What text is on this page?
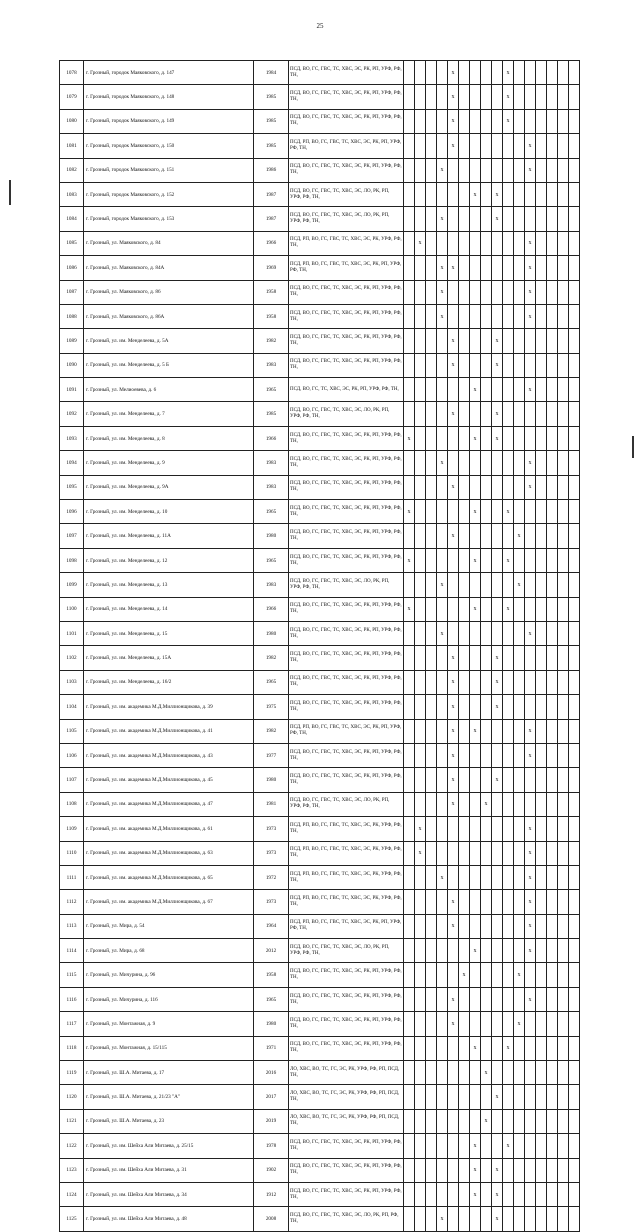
25
1078	г. Грозный, городок Маяковского, д. 147	1984	ПСД, ВО, ГС, ГВС, ТС, ХВС, ЭС, РК, РП, УРФ, РФ, ТН,					x					x						
1079	г. Грозный, городок Маяковского, д. 148	1985	ПСД, ВО, ГС, ГВС, ТС, ХВС, ЭС, РК, РП, УРФ, РФ, ТН,					x					x						
1080	г. Грозный, городок Маяковского, д. 149	1985	ПСД, ВО, ГС, ГВС, ТС, ХВС, ЭС, РК, РП, УРФ, РФ, ТН,					x					x						
1081	г. Грозный, городок Маяковского, д. 150	1985	ПСД, РП, ВО, ГС, ГВС, ТС, ХВС, ЭС, РК, РП, УРФ, РФ, ТН,					x							x				
1082	г. Грозный, городок Маяковского, д. 151	1986	ПСД, ВО, ГС, ГВС, ТС, ХВС, ЭС, РК, РП, УРФ, РФ, ТН,				x								x				
1083	г. Грозный, городок Маяковского, д. 152	1987	ПСД, ВО, ГС, ГВС, ТС, ХВС, ЭС, ЛО, РК, РП, УРФ, РФ, ТН,							x		x							
1084	г. Грозный, городок Маяковского, д. 153	1987	ПСД, ВО, ГС, ГВС, ТС, ХВС, ЭС, ЛО, РК, РП, УРФ, РФ, ТН,				x					x							
1085	г. Грозный, ул. Маяковского, д. 84	1966	ПСД, РП, ВО, ГС, ГВС, ТС, ХВС, ЭС, РК, УРФ, РФ, ТН,		x										x				
1086	г. Грозный, ул. Маяковского, д. 84А	1969	ПСД, РП, ВО, ГС, ГВС, ТС, ХВС, ЭС, РК, РП, УРФ, РФ, ТН,				x	x							x				
1087	г. Грозный, ул. Маяковского, д. 86	1958	ПСД, ВО, ГС, ГВС, ТС, ХВС, ЭС, РК, РП, УРФ, РФ, ТН,				x								x				
1088	г. Грозный, ул. Маяковского, д. 86А	1958	ПСД, ВО, ГС, ГВС, ТС, ХВС, ЭС, РК, РП, УРФ, РФ, ТН,				x								x				
1089	г. Грозный, ул. им. Менделеева, д. 5А	1982	ПСД, ВО, ГС, ГВС, ТС, ХВС, ЭС, РК, РП, УРФ, РФ, ТН,					x				x							
1090	г. Грозный, ул. им. Менделеева, д. 5 Б	1983	ПСД, ВО, ГС, ГВС, ТС, ХВС, ЭС, РК, РП, УРФ, РФ, ТН,					x				x							
1091	г. Грозный, ул. Мелиоевева, д. 6	1965	ПСД, ВО, ГС, ТС, ХВС, ЭС, РК, РП, УРФ, РФ, ТН,							x					x				
1092	г. Грозный, ул. им. Менделеева, д. 7	1985	ПСД, ВО, ГС, ГВС, ТС, ХВС, ЭС, ЛО, РК, РП, УРФ, РФ, ТН,					x				x							
1093	г. Грозный, ул. им. Менделеева, д. 8	1966	ПСД, ВО, ГС, ГВС, ТС, ХВС, ЭС, РК, РП, УРФ, РФ, ТН,	x						x		x							
1094	г. Грозный, ул. им. Менделеева, д. 9	1983	ПСД, ВО, ГС, ГВС, ТС, ХВС, ЭС, РК, РП, УРФ, РФ, ТН,				x								x				
1095	г. Грозный, ул. им. Менделеева, д. 9А	1983	ПСД, ВО, ГС, ГВС, ТС, ХВС, ЭС, РК, РП, УРФ, РФ, ТН,					x							x				
1096	г. Грозный, ул. им. Менделеева, д. 10	1965	ПСД, ВО, ГС, ГВС, ТС, ХВС, ЭС, РК, РП, УРФ, РФ, ТН,	x						x			x						
1097	г. Грозный, ул. им. Менделеева, д. 11А	1980	ПСД, ВО, ГС, ГВС, ТС, ХВС, ЭС, РК, РП, УРФ, РФ, ТН,					x						x					
1098	г. Грозный, ул. им. Менделеева, д. 12	1965	ПСД, ВО, ГС, ГВС, ТС, ХВС, ЭС, РК, РП, УРФ, РФ, ТН,	x						x			x						
1099	г. Грозный, ул. им. Менделеева, д. 13	1983	ПСД, ВО, ГС, ГВС, ТС, ХВС, ЭС, ЛО, РК, РП, УРФ, РФ, ТН,				x							x					
1100	г. Грозный, ул. им. Менделеева, д. 14	1966	ПСД, ВО, ГС, ГВС, ТС, ХВС, ЭС, РК, РП, УРФ, РФ, ТН,	x						x			x						
1101	г. Грозный, ул. им. Менделеева, д. 15	1980	ПСД, ВО, ГС, ГВС, ТС, ХВС, ЭС, РК, РП, УРФ, РФ, ТН,				x								x				
1102	г. Грозный, ул. им. Менделеева, д. 15А	1982	ПСД, ВО, ГС, ГВС, ТС, ХВС, ЭС, РК, РП, УРФ, РФ, ТН,					x				x							
1103	г. Грозный, ул. им. Менделеева, д. 16/2	1965	ПСД, ВО, ГС, ГВС, ТС, ХВС, ЭС, РК, РП, УРФ, РФ, ТН,					x				x							
1104	г. Грозный, ул. им. академика М.Д.Миллионщикова, д. 39	1975	ПСД, ВО, ГС, ГВС, ТС, ХВС, ЭС, РК, РП, УРФ, РФ, ТН,					x				x							
1105	г. Грозный, ул. им. академика М.Д.Миллионщикова, д. 41	1982	ПСД, РП, ВО, ГС, ГВС, ТС, ХВС, ЭС, РК, РП, УРФ, РФ, ТН,					x		x					x				
1106	г. Грозный, ул. им. академика М.Д.Миллионщикова, д. 43	1977	ПСД, ВО, ГС, ГВС, ТС, ХВС, ЭС, РК, РП, УРФ, РФ, ТН,					x							x				
1107	г. Грозный, ул. им. академика М.Д.Миллионщикова, д. 45	1980	ПСД, ВО, ГС, ГВС, ТС, ХВС, ЭС, РК, РП, УРФ, РФ, ТН,					x				x							
1108	г. Грозный, ул. им. академика М.Д.Миллионщикова, д. 47	1981	ПСД, ВО, ГС, ГВС, ТС, ХВС, ЭС, ЛО, РК, РП, УРФ, РФ, ТН,					x			x								
1109	г. Грозный, ул. им. академика М.Д.Миллионщикова, д. 61	1973	ПСД, РП, ВО, ГС, ГВС, ТС, ХВС, ЭС, РК, УРФ, РФ, ТН,		x										x				
1110	г. Грозный, ул. им. академика М.Д.Миллионщикова, д. 63	1973	ПСД, РП, ВО, ГС, ГВС, ТС, ХВС, ЭС, РК, УРФ, РФ, ТН,		x										x				
1111	г. Грозный, ул. им. академика М.Д.Миллионщикова, д. 65	1972	ПСД, РП, ВО, ГС, ГВС, ТС, ХВС, ЭС, РК, УРФ, РФ, ТН,				x								x				
1112	г. Грозный, ул. им. академика М.Д.Миллионщикова, д. 67	1973	ПСД, РП, ВО, ГС, ГВС, ТС, ХВС, ЭС, РК, УРФ, РФ, ТН,					x							x				
1113	г. Грозный, ул. Мира, д. 54	1964	ПСД, РП, ВО, ГС, ГВС, ТС, ХВС, ЭС, РК, РП, УРФ, РФ, ТН,					x							x				
1114	г. Грозный, ул. Мира, д. 68	2012	ПСД, ВО, ГС, ГВС, ТС, ХВС, ЭС, ЛО, РК, РП, УРФ, РФ, ТН,							x					x				
1115	г. Грозный, ул. Мичурина, д. 96	1958	ПСД, ВО, ГС, ГВС, ТС, ХВС, ЭС, РК, РП, УРФ, РФ, ТН,						x					x					
1116	г. Грозный, ул. Мичурина, д. 116	1965	ПСД, ВО, ГС, ГВС, ТС, ХВС, ЭС, РК, РП, УРФ, РФ, ТН,					x							x				
1117	г. Грозный, ул. Монтажная, д. 9	1980	ПСД, ВО, ГС, ГВС, ТС, ХВС, ЭС, РК, РП, УРФ, РФ, ТН,					x						x					
1118	г. Грозный, ул. Монтажная, д. 15/115	1971	ПСД, ВО, ГС, ГВС, ТС, ХВС, ЭС, РК, РП, УРФ, РФ, ТН,							x			x						
1119	г. Грозный, ул. Ш.А. Митаева, д. 17	2016	ЛО, ХВС, ВО, ТС, ГС, ЭС, РК, УРФ, РФ, РП, ПСД, ТН,								x								
1120	г. Грозный, ул. Ш.А. Митаева, д. 21/23 "А"	2017	ЛО, ХВС, ВО, ТС, ГС, ЭС, РК, УРФ, РФ, РП, ПСД, ТН,									x							
1121	г. Грозный, ул. Ш.А. Митаева, д. 23	2019	ЛО, ХВС, ВО, ТС, ГС, ЭС, РК, УРФ, РФ, РП, ПСД, ТН,								x								
1122	г. Грозный, ул. им. Шейха Али Митаева, д. 25/15	1978	ПСД, ВО, ГС, ГВС, ТС, ХВС, ЭС, РК, РП, УРФ, РФ, ТН,							x			x						
1123	г. Грозный, ул. им. Шейха Али Митаева, д. 31	1902	ПСД, ВО, ГС, ГВС, ТС, ХВС, ЭС, РК, РП, УРФ, РФ, ТН,							x		x							
1124	г. Грозный, ул. им. Шейха Али Митаева, д. 34	1912	ПСД, ВО, ГС, ГВС, ТС, ХВС, ЭС, РК, РП, УРФ, РФ, ТН,							x		x							
1125	г. Грозный, ул. им. Шейха Али Митаева, д. 48	2008	ПСД, ВО, ГС, ГВС, ТС, ХВС, ЭС, ЛО, РК, РП, РФ, ТН,				x					x							
